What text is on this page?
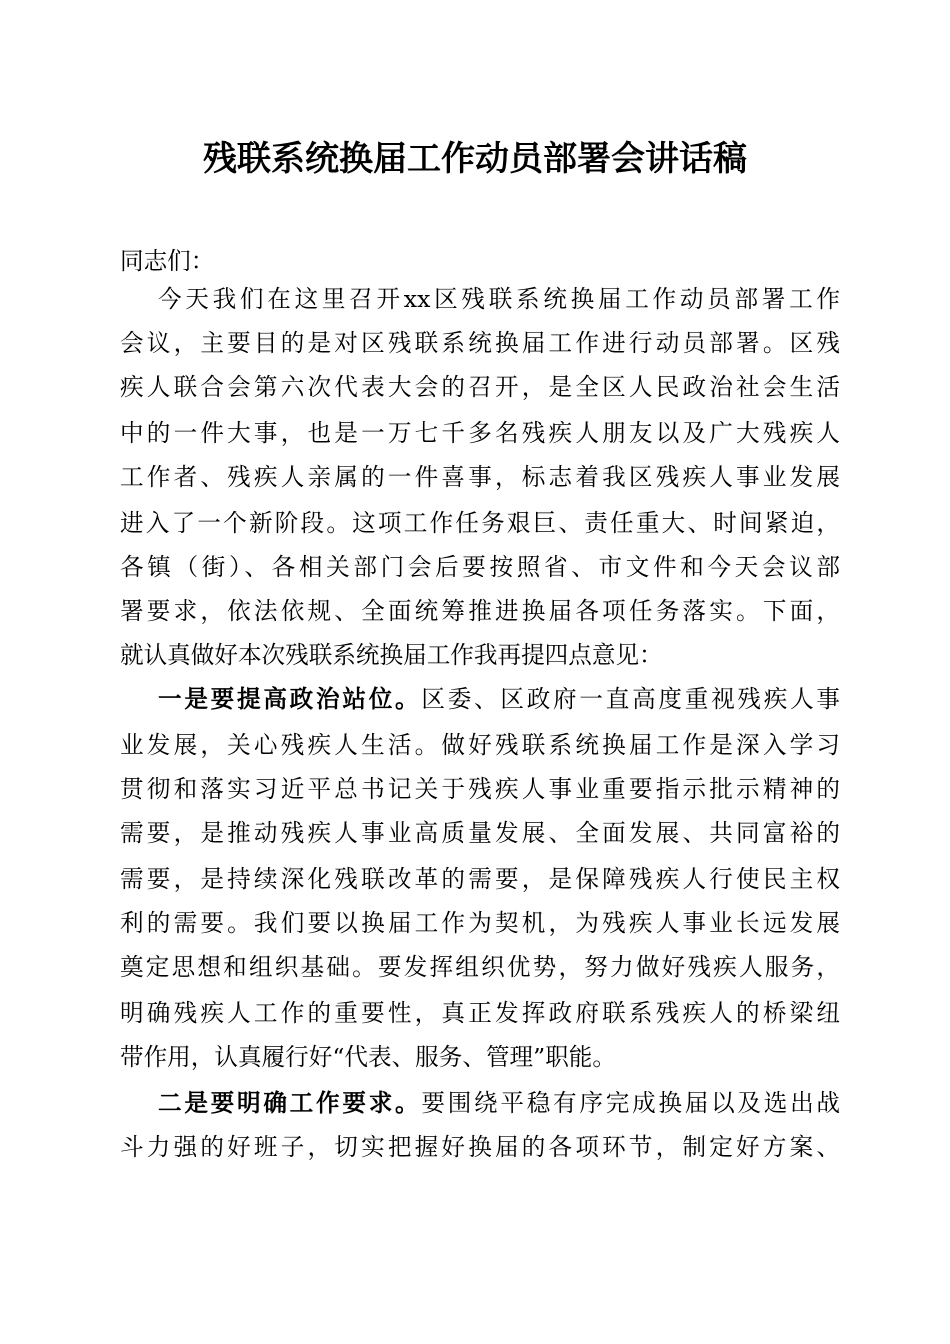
残联系统换届工作动员部署会讲话稿
同志们：
今天我们在这里召开xx区残联系统换届工作动员部署工作
会议，主要目的是对区残联系统换届工作进行动员部署。区残
疾人联合会第六次代表大会的召开，是全区人民政治社会生活
中的一件大事，也是一万七千多名残疾人朋友以及广大残疾人
工作者、残疾人亲属的一件喜事，标志着我区残疾人事业发展
进入了一个新阶段。这项工作任务艰巨、责任重大、时间紧迫，
各镇（街）、各相关部门会后要按照省、市文件和今天会议部
署要求，依法依规、全面统筹推进换届各项任务落实。下面，
就认真做好本次残联系统换届工作我再提四点意见：
一是要提高政治站位。区委、区政府一直高度重视残疾人事
业发展，关心残疾人生活。做好残联系统换届工作是深入学习
贯彻和落实习近平总书记关于残疾人事业重要指示批示精神的
需要，是推动残疾人事业高质量发展、全面发展、共同富裕的
需要，是持续深化残联改革的需要，是保障残疾人行使民主权
利的需要。我们要以换届工作为契机，为残疾人事业长远发展
奠定思想和组织基础。要发挥组织优势，努力做好残疾人服务，
明确残疾人工作的重要性，真正发挥政府联系残疾人的桥梁纽
带作用，认真履行好“代表、服务、管理”职能。
二是要明确工作要求。要围绕平稳有序完成换届以及选出战
斗力强的好班子，切实把握好换届的各项环节，制定好方案、
